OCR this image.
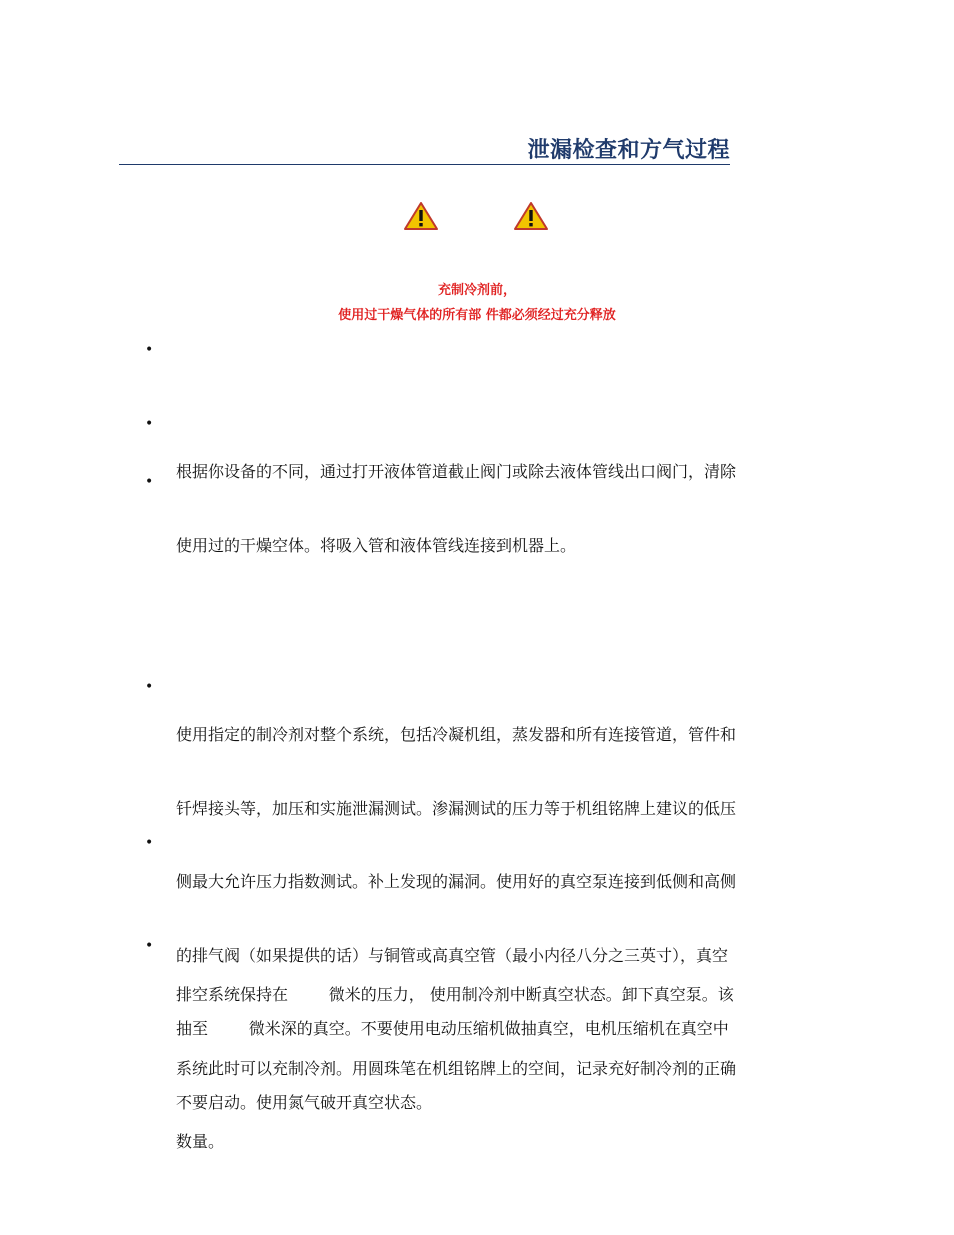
泄漏检查和方气过程
充制冷剂前，
使用过干燥气体的所有部 件都必须经过充分释放
•
•

根据你设备的不同，通过打开液体管道截止阀门或除去液体管线出口阀门，清除

使用过的干燥空体。将吸入管和液体管线连接到机器上。

•
•

使用指定的制冷剂对整个系统，包括冷凝机组，蒸发器和所有连接管道，管件和

钎焊接头等，加压和实施泄漏测试。渗漏测试的压力等于机组铭牌上建议的低压

侧最大允许压力指数测试。补上发现的漏洞。使用好的真空泵连接到低侧和高侧

的排气阀（如果提供的话）与铜管或高真空管（最小内径八分之三英寸），真空

抽至        微米深的真空。不要使用电动压缩机做抽真空，电机压缩机在真空中

不要启动。使用氮气破开真空状态。

•
•

排空系统保持在        微米的压力， 使用制冷剂中断真空状态。卸下真空泵。该

系统此时可以充制冷剂。用圆珠笔在机组铭牌上的空间，记录充好制冷剂的正确

数量。
